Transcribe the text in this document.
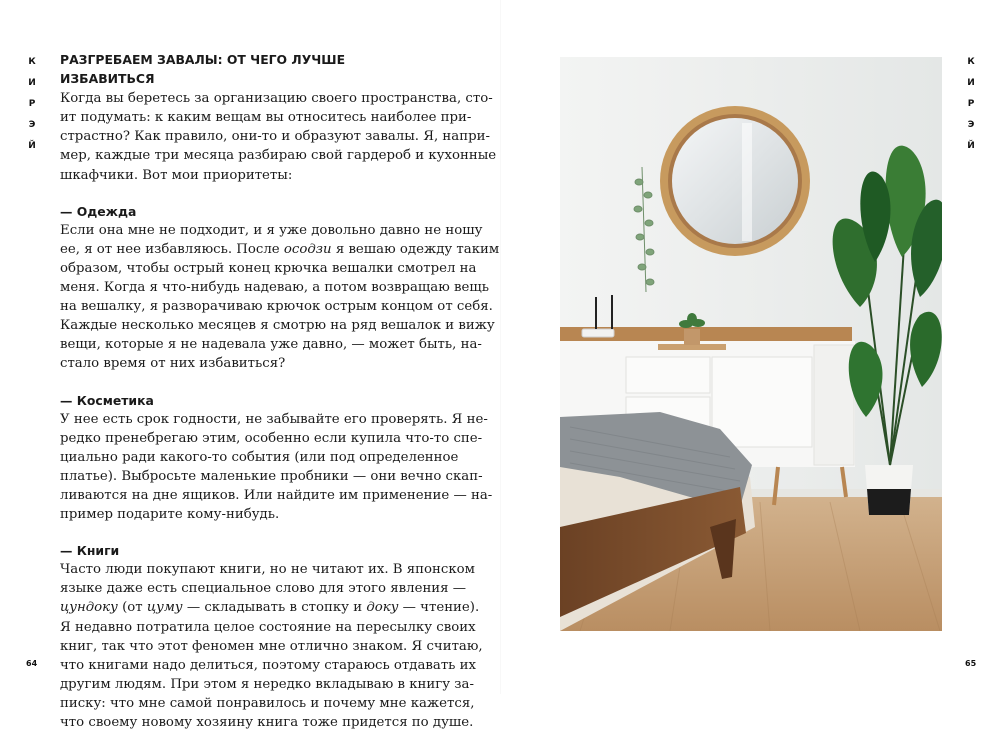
К
И
Р
Э
Й
К
И
Р
Э
Й
РАЗГРЕБАЕМ ЗАВАЛЫ: ОТ ЧЕГО ЛУЧШЕ ИЗБАВИТЬСЯ

Когда вы беретесь за организацию своего пространства, сто-
ит подумать: к каким вещам вы относитесь наиболее при-
страстно? Как правило, они-то и образуют завалы. Я, напри-
мер, каждые три месяца разбираю свой гардероб и кухонные
шкафчики. Вот мои приоритеты:

— Одежда

Если она мне не подходит, и я уже довольно давно не ношу
ее, я от нее избавляюсь. После осодзи я вешаю одежду таким
образом, чтобы острый конец крючка вешалки смотрел на
меня. Когда я что-нибудь надеваю, а потом возвращаю вещь
на вешалку, я разворачиваю крючок острым концом от себя.
Каждые несколько месяцев я смотрю на ряд вешалок и вижу
вещи, которые я не надевала уже давно, — может быть, на-
стало время от них избавиться?

— Косметика

У нее есть срок годности, не забывайте его проверять. Я не-
редко пренебрегаю этим, особенно если купила что-то спе-
циально ради какого-то события (или под определенное
платье). Выбросьте маленькие пробники — они вечно скап-
ливаются на дне ящиков. Или найдите им применение — на-
пример подарите кому-нибудь.

— Книги

Часто люди покупают книги, но не читают их. В японском
языке даже есть специальное слово для этого явления —
цундоку (от цуму — складывать в стопку и доку — чтение).
Я недавно потратила целое состояние на пересылку своих
книг, так что этот феномен мне отлично знаком. Я считаю,
что книгами надо делиться, поэтому стараюсь отдавать их
другим людям. При этом я нередко вкладываю в книгу за-
писку: что мне самой понравилось и почему мне кажется,
что своему новому хозяину книга тоже придется по душе.

64	65
